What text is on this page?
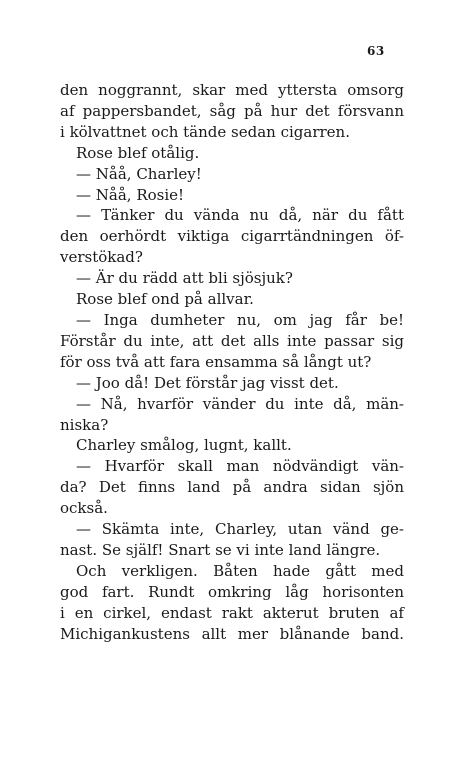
63
den noggrannt, skar med yttersta omsorg
af pappersbandet, såg på hur det försvann
i kölvattnet och tände sedan cigarren.
Rose blef otålig.
— Nåå, Charley!
— Nåå, Rosie!
— Tänker du vända nu då, när du fått
den oerhördt viktiga cigarrtändningen öf-
verstökad?
— Är du rädd att bli sjösjuk?
Rose blef ond på allvar.
— Inga dumheter nu, om jag får be!
Förstår du inte, att det alls inte passar sig
för oss två att fara ensamma så långt ut?
— Joo då! Det förstår jag visst det.
— Nå, hvarför vänder du inte då, män-
niska?
Charley smålog, lugnt, kallt.
— Hvarför skall man nödvändigt vän-
da? Det finns land på andra sidan sjön
också.
— Skämta inte, Charley, utan vänd ge-
nast. Se själf! Snart se vi inte land längre.
Och verkligen. Båten hade gått med
god fart. Rundt omkring låg horisonten
i en cirkel, endast rakt akterut bruten af
Michigankustens allt mer blånande band.
